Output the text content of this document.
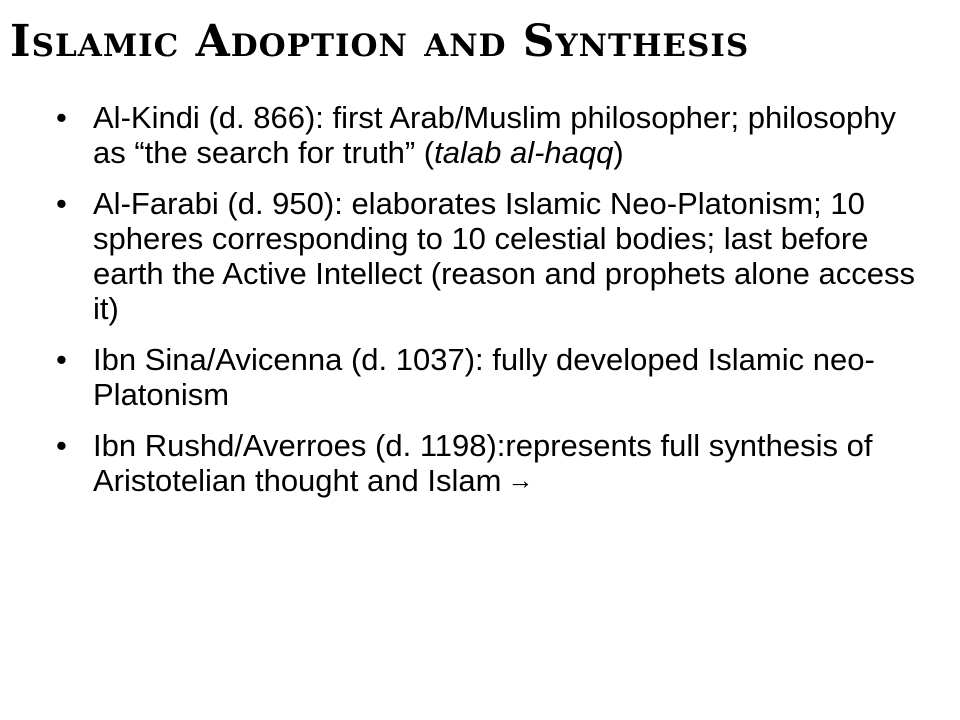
Islamic Adoption and Synthesis
• Al-Kindi (d. 866): first Arab/Muslim philosopher; philosophy as “the search for truth” (talab al-haqq)
• Al-Farabi (d. 950): elaborates Islamic Neo-Platonism; 10 spheres corresponding to 10 celestial bodies; last before earth the Active Intellect (reason and prophets alone access it)
• Ibn Sina/Avicenna (d. 1037): fully developed Islamic neo-Platonism
• Ibn Rushd/Averroes (d. 1198):represents full synthesis of Aristotelian thought and Islam →
